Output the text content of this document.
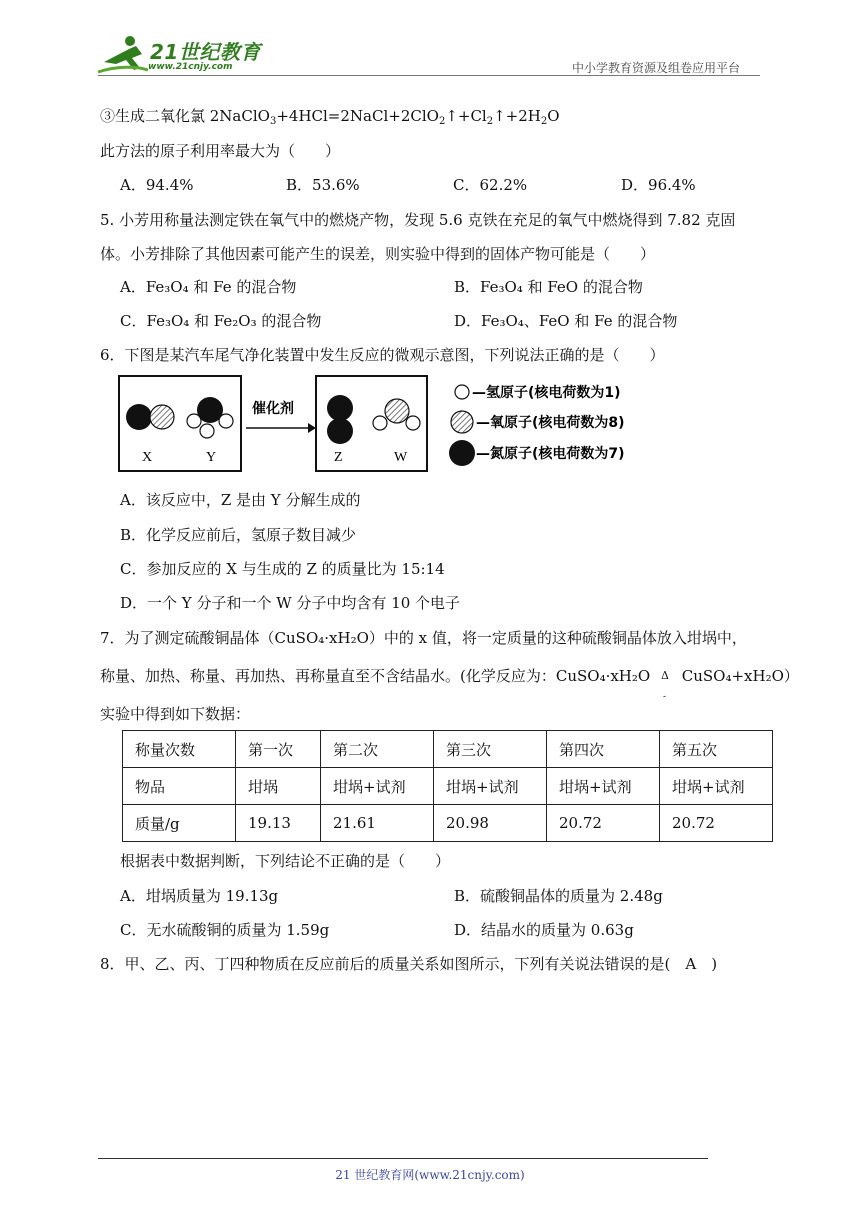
21世纪教育
www.21cnjy.com	中小学教育资源及组卷应用平台
③生成二氧化氯 $2NaClO_3+4HCl=2NaCl+2ClO_2↑+Cl_2↑+2H_2O$
此方法的原子利用率最大为（　　）
A．94.4%	B．53.6%	C．62.2%	D．96.4%
5. 小芳用称量法测定铁在氧气中的燃烧产物，发现 5.6 克铁在充足的氧气中燃烧得到 7.82 克固
体。小芳排除了其他因素可能产生的误差，则实验中得到的固体产物可能是（　　）
A．Fe₃O₄ 和 Fe 的混合物	B．Fe₃O₄ 和 FeO 的混合物
C．Fe₃O₄ 和 Fe₂O₃ 的混合物	D．Fe₃O₄、FeO 和 Fe 的混合物
6．下图是某汽车尾气净化装置中发生反应的微观示意图，下列说法正确的是（　　）
X	Y
催化剂
Z	W
—氢原子(核电荷数为1)
—氧原子(核电荷数为8)
—氮原子(核电荷数为7)
A．该反应中，Z 是由 Y 分解生成的
B．化学反应前后，氢原子数目减少
C．参加反应的 X 与生成的 Z 的质量比为 15:14
D．一个 Y 分子和一个 W 分子中均含有 10 个电子
7．为了测定硫酸铜晶体（CuSO₄·xH₂O）中的 x 值，将一定质量的这种硫酸铜晶体放入坩埚中，
称量、加热、称量、再加热、再称量直至不含结晶水。(化学反应为：CuSO₄·xH₂O Δ
-
CuSO₄+xH₂O）
实验中得到如下数据：
称量次数	第一次	第二次	第三次	第四次	第五次
物品	坩埚	坩埚+试剂	坩埚+试剂	坩埚+试剂	坩埚+试剂
质量/g	19.13	21.61	20.98	20.72	20.72
根据表中数据判断，下列结论不正确的是（　　）
A．坩埚质量为 19.13g	B．硫酸铜晶体的质量为 2.48g
C．无水硫酸铜的质量为 1.59g	D．结晶水的质量为 0.63g
8．甲、乙、丙、丁四种物质在反应前后的质量关系如图所示，下列有关说法错误的是(　A　)
21 世纪教育网(www.21cnjy.com)
